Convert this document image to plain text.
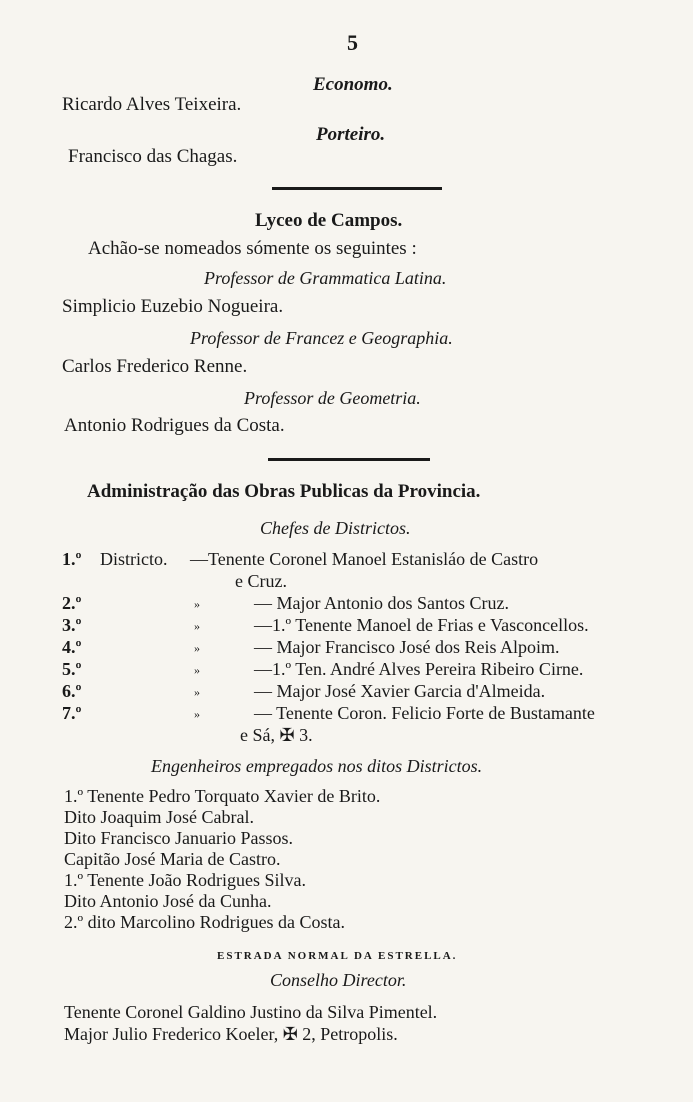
5
Economo.
Ricardo Alves Teixeira.
Porteiro.
Francisco das Chagas.
Lyceo de Campos.
Achão-se nomeados sómente os seguintes :
Professor de Grammatica Latina.
Simplicio Euzebio Nogueira.
Professor de Francez e Geographia.
Carlos Frederico Renne.
Professor de Geometria.
Antonio Rodrigues da Costa.
Administração das Obras Publicas da Provincia.
Chefes de Districtos.
1.º Districto. —Tenente Coronel Manoel Estanisláo de Castro
e Cruz.
2.º	»	— Major Antonio dos Santos Cruz.
3.º	»	—1.º Tenente Manoel de Frias e Vasconcellos.
4.º	»	— Major Francisco José dos Reis Alpoim.
5.º	»	—1.º Ten. André Alves Pereira Ribeiro Cirne.
6.º	»	— Major José Xavier Garcia d'Almeida.
7.º	»	— Tenente Coron. Felicio Forte de Bustamante
e Sá, ✠ 3.
Engenheiros empregados nos ditos Districtos.
1.º Tenente Pedro Torquato Xavier de Brito.
Dito Joaquim José Cabral.
Dito Francisco Januario Passos.
Capitão José Maria de Castro.
1.º Tenente João Rodrigues Silva.
Dito Antonio José da Cunha.
2.º dito Marcolino Rodrigues da Costa.
ESTRADA NORMAL DA ESTRELLA.
Conselho Director.
Tenente Coronel Galdino Justino da Silva Pimentel.
Major Julio Frederico Koeler, ✠ 2, Petropolis.
